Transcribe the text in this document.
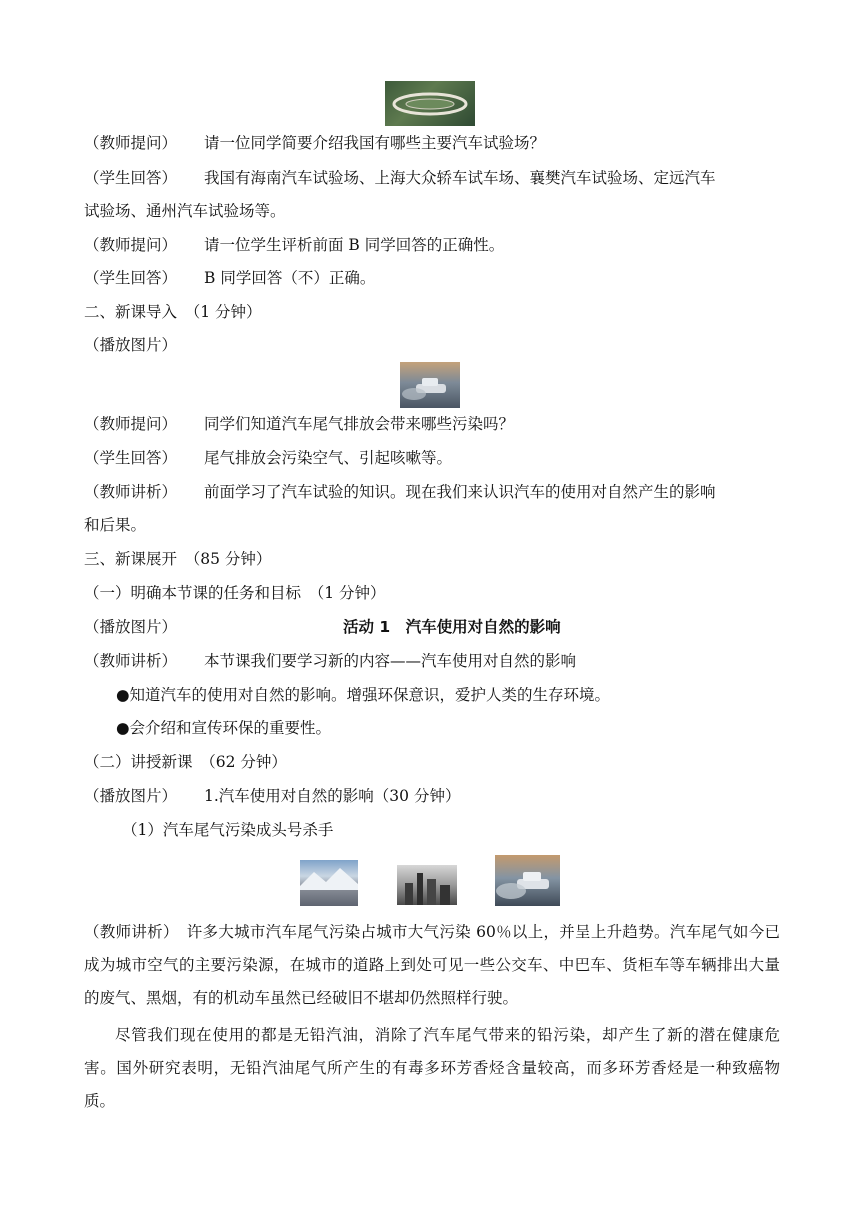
（教师提问） 请一位同学简要介绍我国有哪些主要汽车试验场？
（学生回答） 我国有海南汽车试验场、上海大众轿车试车场、襄樊汽车试验场、定远汽车
试验场、通州汽车试验场等。
（教师提问） 请一位学生评析前面 B 同学回答的正确性。
（学生回答） B 同学回答（不）正确。
二、新课导入　（1 分钟）
（播放图片）
（教师提问） 同学们知道汽车尾气排放会带来哪些污染吗？
（学生回答） 尾气排放会污染空气、引起咳嗽等。
（教师讲析） 前面学习了汽车试验的知识。现在我们来认识汽车的使用对自然产生的影响
和后果。
三、新课展开　（85 分钟）
（一）明确本节课的任务和目标　（1 分钟）
（播放图片）	活动 1　汽车使用对自然的影响
（教师讲析） 本节课我们要学习新的内容——汽车使用对自然的影响
●知道汽车的使用对自然的影响。增强环保意识，爱护人类的生存环境。
●会介绍和宣传环保的重要性。
（二）讲授新课　（62 分钟）
（播放图片） 1.汽车使用对自然的影响（30 分钟）
（1）汽车尾气污染成头号杀手
（教师讲析）　许多大城市汽车尾气污染占城市大气污染 60％以上，并呈上升趋势。汽车尾气如今已成为城市空气的主要污染源，在城市的道路上到处可见一些公交车、中巴车、货柜车等车辆排出大量的废气、黑烟，有的机动车虽然已经破旧不堪却仍然照样行驶。
尽管我们现在使用的都是无铅汽油，消除了汽车尾气带来的铅污染，却产生了新的潜在健康危害。国外研究表明，无铅汽油尾气所产生的有毒多环芳香烃含量较高，而多环芳香烃是一种致癌物质。
